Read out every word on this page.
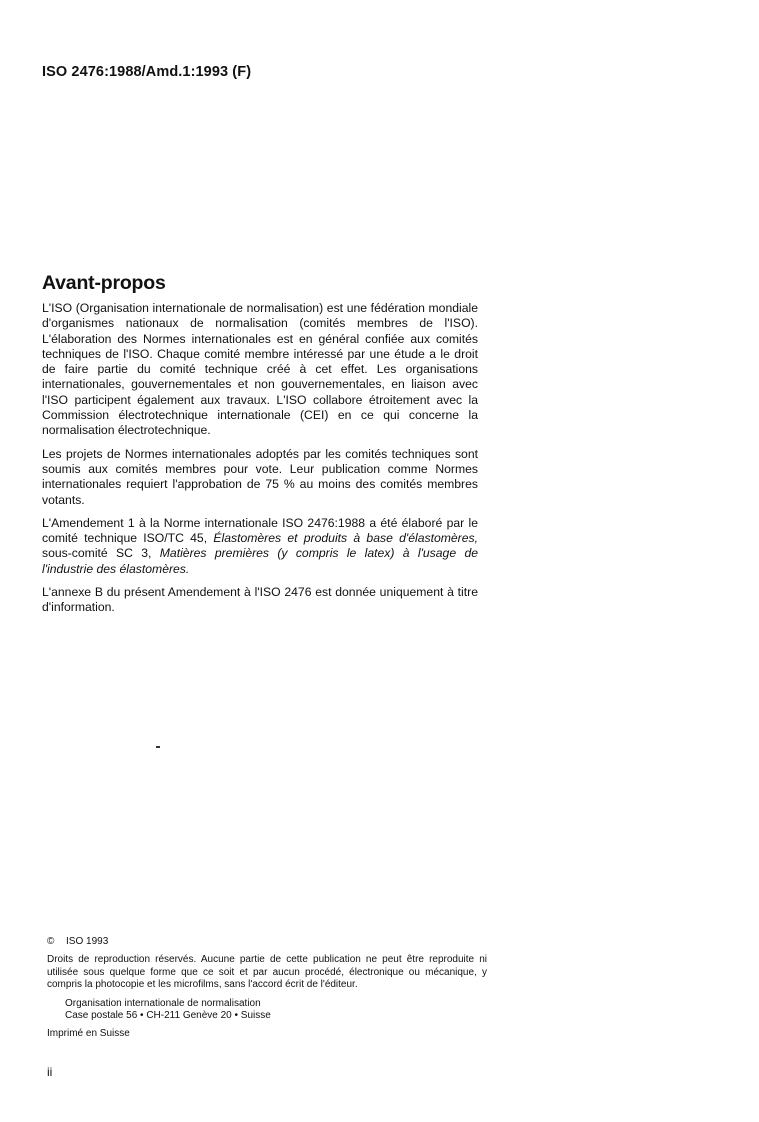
ISO 2476:1988/Amd.1:1993 (F)
Avant-propos

L'ISO (Organisation internationale de normalisation) est une fédération mondiale d'organismes nationaux de normalisation (comités membres de l'ISO). L'élaboration des Normes internationales est en général confiée aux comités techniques de l'ISO. Chaque comité membre intéressé par une étude a le droit de faire partie du comité technique créé à cet effet. Les organisations internationales, gouvernementales et non gouvernementales, en liaison avec l'ISO participent également aux travaux. L'ISO collabore étroitement avec la Commission électrotechnique internationale (CEI) en ce qui concerne la normalisation électrotechnique.

Les projets de Normes internationales adoptés par les comités techniques sont soumis aux comités membres pour vote. Leur publication comme Normes internationales requiert l'approbation de 75 % au moins des comités membres votants.

L'Amendement 1 à la Norme internationale ISO 2476:1988 a été élaboré par le comité technique ISO/TC 45, Élastomères et produits à base d'élastomères, sous-comité SC 3, Matières premières (y compris le latex) à l'usage de l'industrie des élastomères.

L'annexe B du présent Amendement à l'ISO 2476 est donnée uniquement à titre d'information.

© ISO 1993
Droits de reproduction réservés. Aucune partie de cette publication ne peut être reproduite ni utilisée sous quelque forme que ce soit et par aucun procédé, électronique ou mécanique, y compris la photocopie et les microfilms, sans l'accord écrit de l'éditeur.
Organisation internationale de normalisation
Case postale 56 • CH-211 Genève 20 • Suisse
Imprimé en Suisse
ii
